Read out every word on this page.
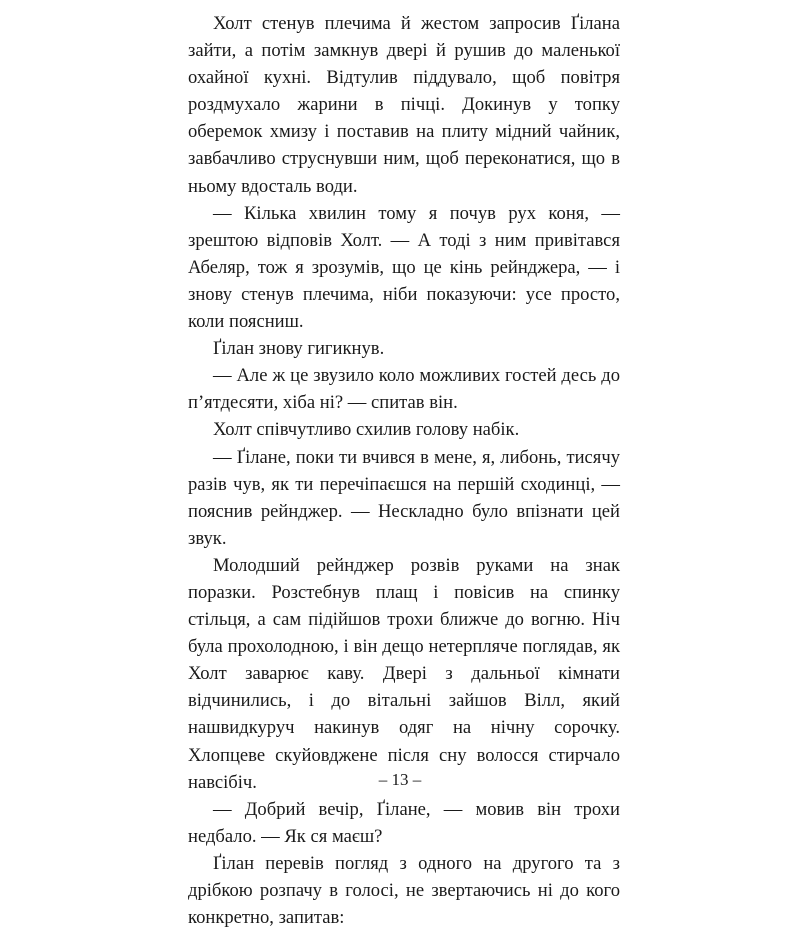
Холт стенув плечима й жестом запросив Ґілана зайти, а потім замкнув двері й рушив до маленької охайної кухні. Відтулив піддувало, щоб повітря роздмухало жарини в пічці. Докинув у топку оберемок хмизу і поставив на плиту мідний чайник, завбачливо струснувши ним, щоб переконатися, що в ньому вдосталь води.

— Кілька хвилин тому я почув рух коня, — зрештою відповів Холт. — А тоді з ним привітався Абеляр, тож я зрозумів, що це кінь рейнджера, — і знову стенув плечима, ніби показуючи: усе просто, коли поясниш.

Ґілан знову гигикнув.

— Але ж це звузило коло можливих гостей десь до п’ятдесяти, хіба ні? — спитав він.

Холт співчутливо схилив голову набік.

— Ґілане, поки ти вчився в мене, я, либонь, тисячу разів чув, як ти перечіпаєшся на першій сходинці, — пояснив рейнджер. — Нескладно було впізнати цей звук.

Молодший рейнджер розвів руками на знак поразки. Розстебнув плащ і повісив на спинку стільця, а сам підійшов трохи ближче до вогню. Ніч була прохолодною, і він дещо нетерпляче поглядав, як Холт заварює каву. Двері з дальньої кімнати відчинились, і до вітальні зайшов Вілл, який нашвидкуруч накинув одяг на нічну сорочку. Хлопцеве скуйовджене після сну волосся стирчало навсібіч.

— Добрий вечір, Ґілане, — мовив він трохи недбало. — Як ся маєш?

Ґілан перевів погляд з одного на другого та з дрібкою розпачу в голосі, не звертаючись ні до кого конкретно, запитав:

– 13 –
